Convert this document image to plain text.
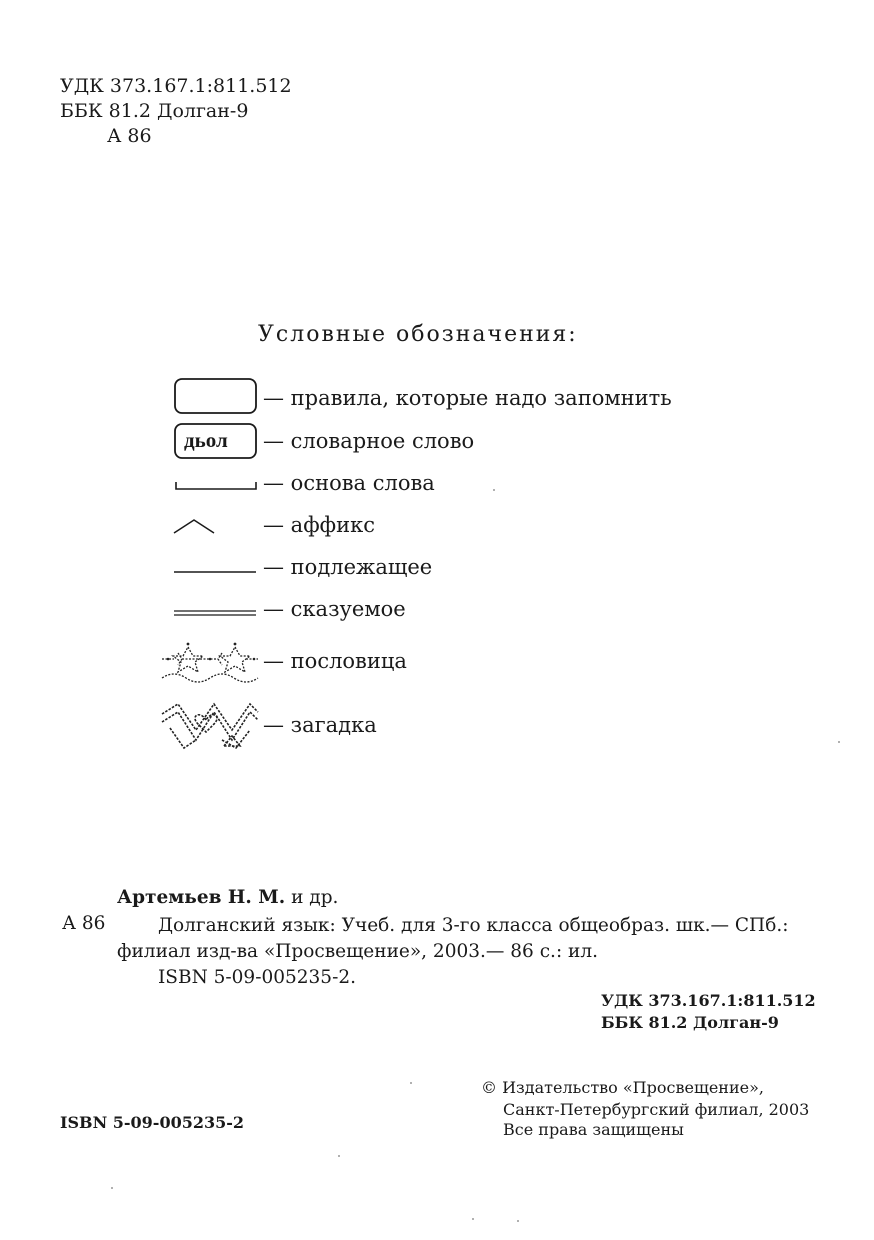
УДК 373.167.1:811.512
ББК 81.2 Долган-9
А 86
Условные обозначения:
— правила, которые надо запомнить
дьол — словарное слово
— основа слова
— аффикс
— подлежащее
— сказуемое
— пословица
— загадка
Артемьев Н. М. и др.
А 86	Долганский язык: Учеб. для 3-го класса общеобраз. шк.— СПб.:
филиал изд-ва «Просвещение», 2003.— 86 с.: ил.
ISBN 5-09-005235-2.
УДК 373.167.1:811.512
ББК 81.2 Долган-9
ISBN 5-09-005235-2
© Издательство «Просвещение»,
Санкт-Петербургский филиал, 2003
Все права защищены
